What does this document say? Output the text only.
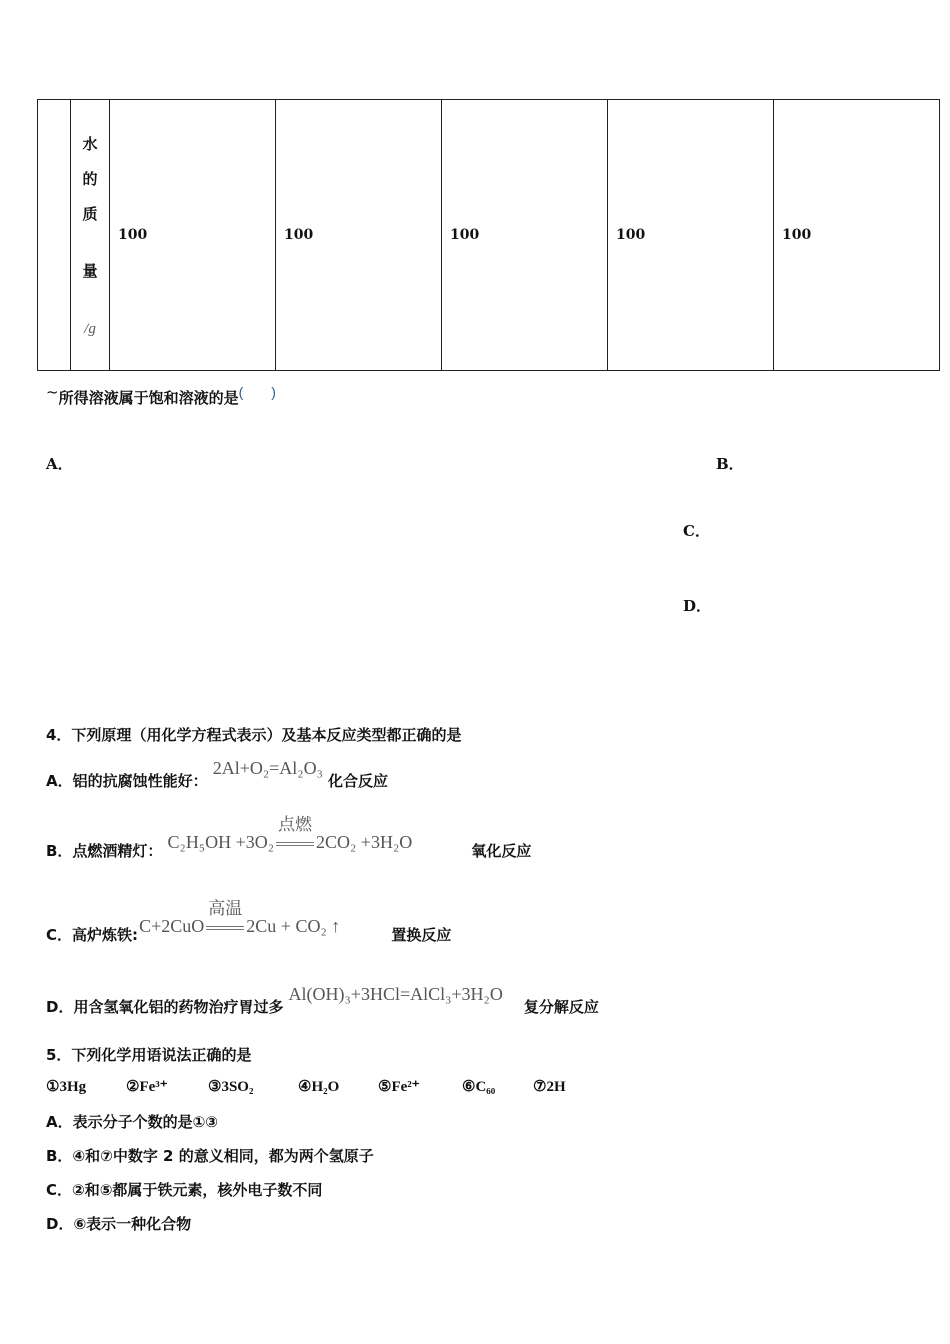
水
的
质
量
/g
	100	100	100	100	100
~所得溶液属于饱和溶液的是( )
A．	B．
C．
D．
4．下列原理（用化学方程式表示）及基本反应类型都正确的是
A．铝的抗腐蚀性能好： 2Al+O₂=Al₂O₃ 化合反应
B．点燃酒精灯： C₂H₅OH +3O₂
点燃
2CO₂ +3H₂O	氧化反应
C．高炉炼铁: C+2CuO
高温
2Cu + CO₂ ↑	置换反应
D．用含氢氧化铝的药物治疗胃过多 Al(OH)₃+3HCl=AlCl₃+3H₂O 复分解反应
5．下列化学用语说法正确的是
①3Hg	②Fe³⁺	③3SO₂	④H₂O	⑤Fe²⁺	⑥C₆₀	⑦2H
A．表示分子个数的是①③
B．④和⑦中数字 2 的意义相同，都为两个氢原子
C．②和⑤都属于铁元素，核外电子数不同
D．⑥表示一种化合物
